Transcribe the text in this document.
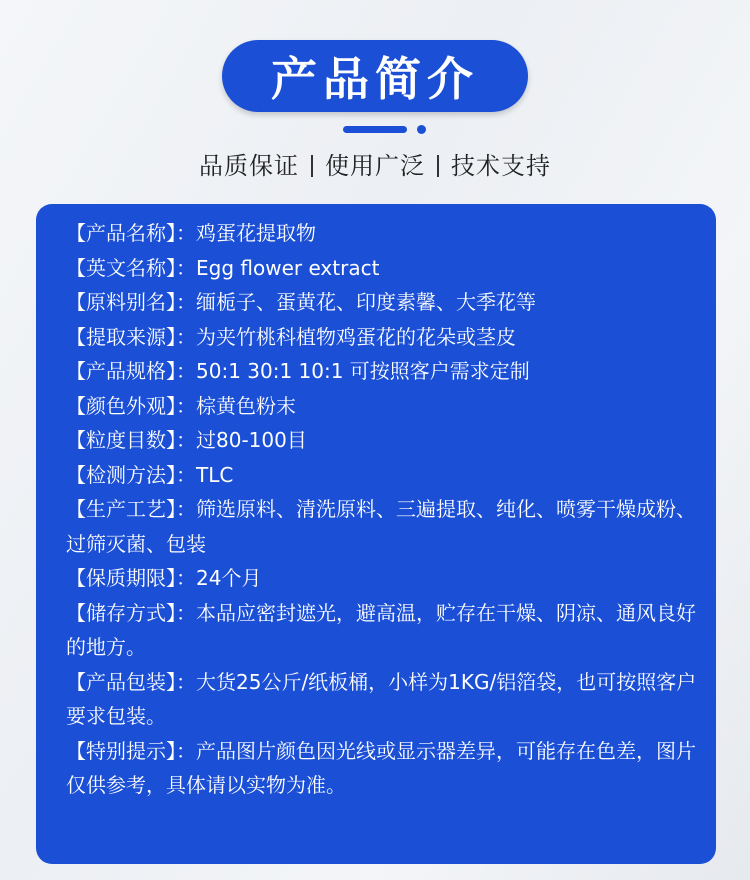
产品简介
品质保证 使用广泛 技术支持

【产品名称】：鸡蛋花提取物

【英文名称】：Egg flower extract

【原料别名】：缅栀子、蛋黄花、印度素馨、大季花等

【提取来源】：为夹竹桃科植物鸡蛋花的花朵或茎皮

【产品规格】：50:1 30:1 10:1 可按照客户需求定制

【颜色外观】：棕黄色粉末

【粒度目数】：过80-100目

【检测方法】：TLC

【生产工艺】：筛选原料、清洗原料、三遍提取、纯化、喷雾干燥成粉、过筛灭菌、包装

【保质期限】：24个月

【储存方式】：本品应密封遮光，避高温，贮存在干燥、阴凉、通风良好的地方。

【产品包装】：大货25公斤/纸板桶，小样为1KG/铝箔袋，也可按照客户要求包装。

【特别提示】：产品图片颜色因光线或显示器差异，可能存在色差，图片仅供参考，具体请以实物为准。
